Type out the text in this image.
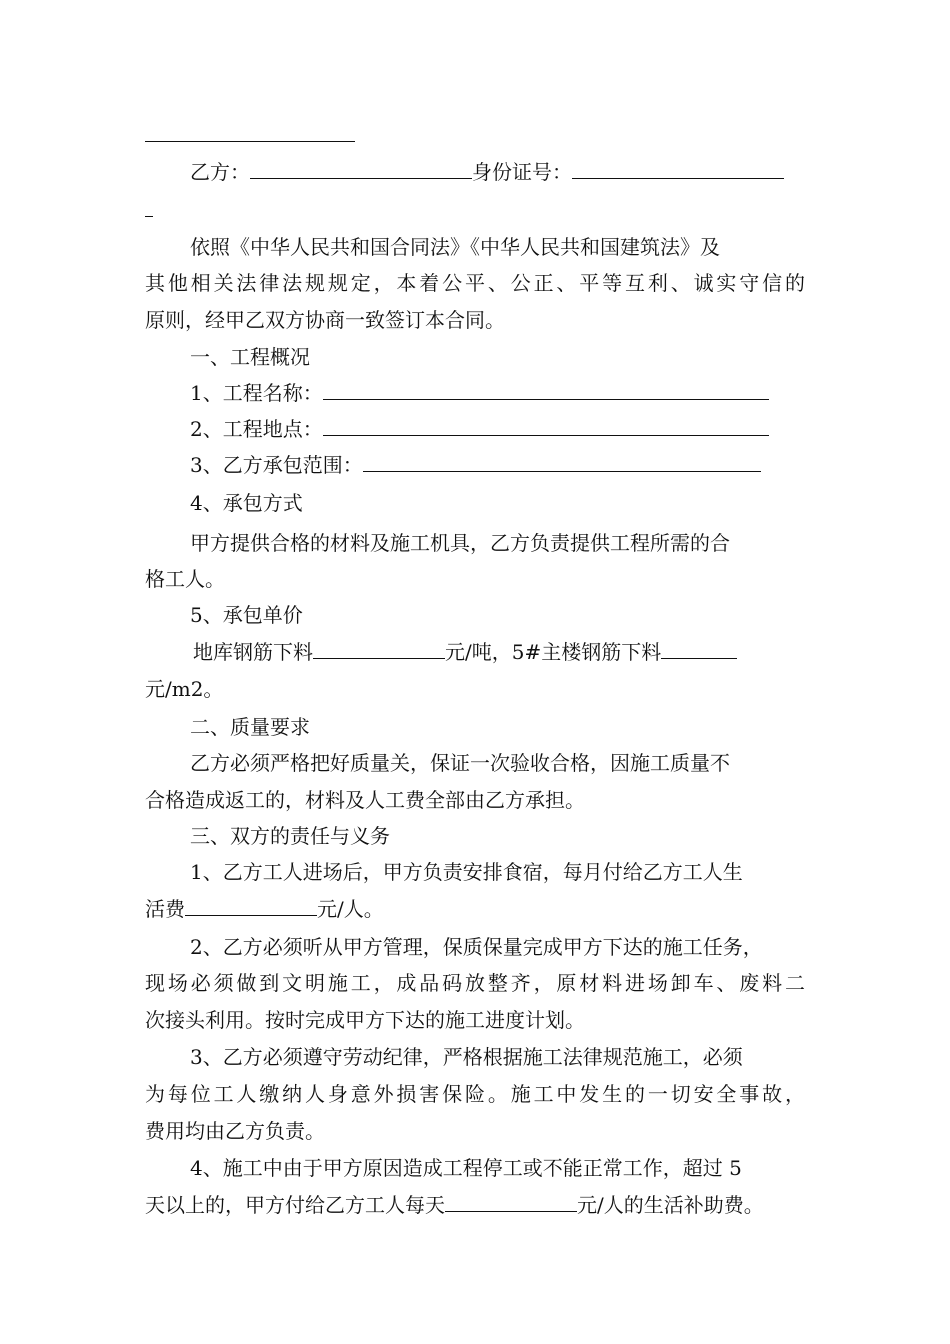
乙方：	身份证号：
依照《中华人民共和国合同法》《中华人民共和国建筑法》及
其他相关法律法规规定，本着公平、公正、平等互利、诚实守信的
原则，经甲乙双方协商一致签订本合同。
一、工程概况
1、工程名称：
2、工程地点：
3、乙方承包范围：
4、承包方式
甲方提供合格的材料及施工机具，乙方负责提供工程所需的合
格工人。
5、承包单价
地库钢筋下料	元/吨，5#主楼钢筋下料
元/m2。
二、质量要求
乙方必须严格把好质量关，保证一次验收合格，因施工质量不
合格造成返工的，材料及人工费全部由乙方承担。
三、双方的责任与义务
1、乙方工人进场后，甲方负责安排食宿，每月付给乙方工人生
活费	元/人。
2、乙方必须听从甲方管理，保质保量完成甲方下达的施工任务，
现场必须做到文明施工，成品码放整齐，原材料进场卸车、废料二
次接头利用。按时完成甲方下达的施工进度计划。
3、乙方必须遵守劳动纪律，严格根据施工法律规范施工，必须
为每位工人缴纳人身意外损害保险。施工中发生的一切安全事故，
费用均由乙方负责。
4、施工中由于甲方原因造成工程停工或不能正常工作，超过 5
天以上的，甲方付给乙方工人每天	元/人的生活补助费。
